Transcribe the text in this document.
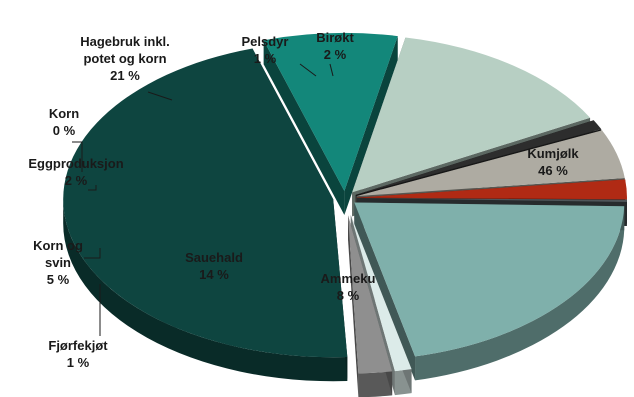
Kumjølk
46 %
Ammeku
8 %
Sauehald
14 %
Fjørfekjøt
1 %
Korn og
svin
5 %
Eggproduksjon
2 %
Korn
0 %
Hagebruk inkl.
potet og korn
21 %
Pelsdyr
1 %
Birøkt
2 %
